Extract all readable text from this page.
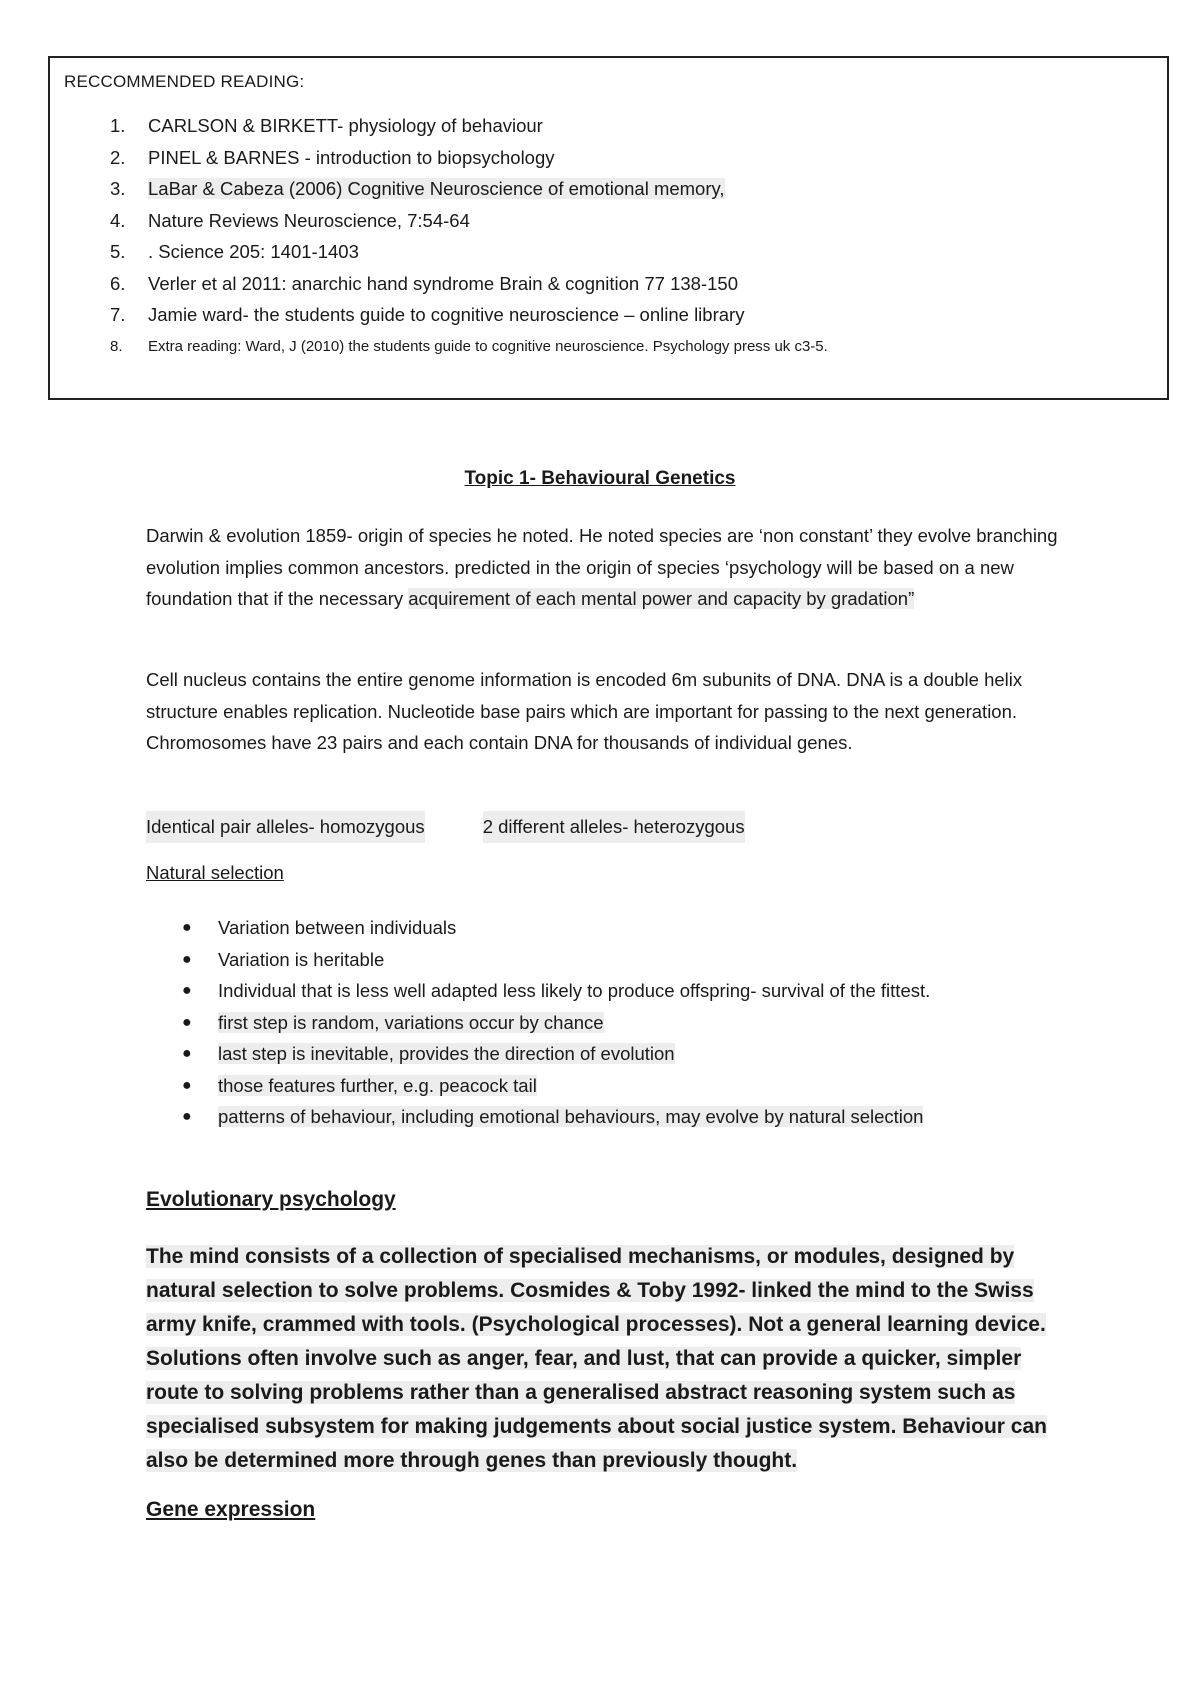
RECCOMMENDED READING:
1.	CARLSON & BIRKETT- physiology of behaviour
2.	PINEL & BARNES - introduction to biopsychology
3.	LaBar & Cabeza (2006) Cognitive Neuroscience of emotional memory,
4.	Nature Reviews Neuroscience, 7:54-64
5.	. Science 205: 1401-1403
6.	Verler et al 2011: anarchic hand syndrome Brain & cognition 77 138-150
7.	Jamie ward- the students guide to cognitive neuroscience – online library
8.	Extra reading: Ward, J (2010) the students guide to cognitive neuroscience. Psychology press uk c3-5.
Topic 1- Behavioural Genetics

Darwin & evolution 1859- origin of species he noted. He noted species are ‘non constant’ they evolve branching evolution implies common ancestors. predicted in the origin of species ‘psychology will be based on a new foundation that if the necessary acquirement of each mental power and capacity by gradation”

Cell nucleus contains the entire genome information is encoded 6m subunits of DNA. DNA is a double helix structure enables replication. Nucleotide base pairs which are important for passing to the next generation. Chromosomes have 23 pairs and each contain DNA for thousands of individual genes.

Identical pair alleles- homozygous	2 different alleles- heterozygous
Natural selection
● Variation between individuals
● Variation is heritable
● Individual that is less well adapted less likely to produce offspring- survival of the fittest.
● first step is random, variations occur by chance
● last step is inevitable, provides the direction of evolution
● those features further, e.g. peacock tail
● patterns of behaviour, including emotional behaviours, may evolve by natural selection
Evolutionary psychology

The mind consists of a collection of specialised mechanisms, or modules, designed by natural selection to solve problems. Cosmides & Toby 1992- linked the mind to the Swiss army knife, crammed with tools. (Psychological processes). Not a general learning device. Solutions often involve such as anger, fear, and lust, that can provide a quicker, simpler route to solving problems rather than a generalised abstract reasoning system such as specialised subsystem for making judgements about social justice system. Behaviour can also be determined more through genes than previously thought.

Gene expression
